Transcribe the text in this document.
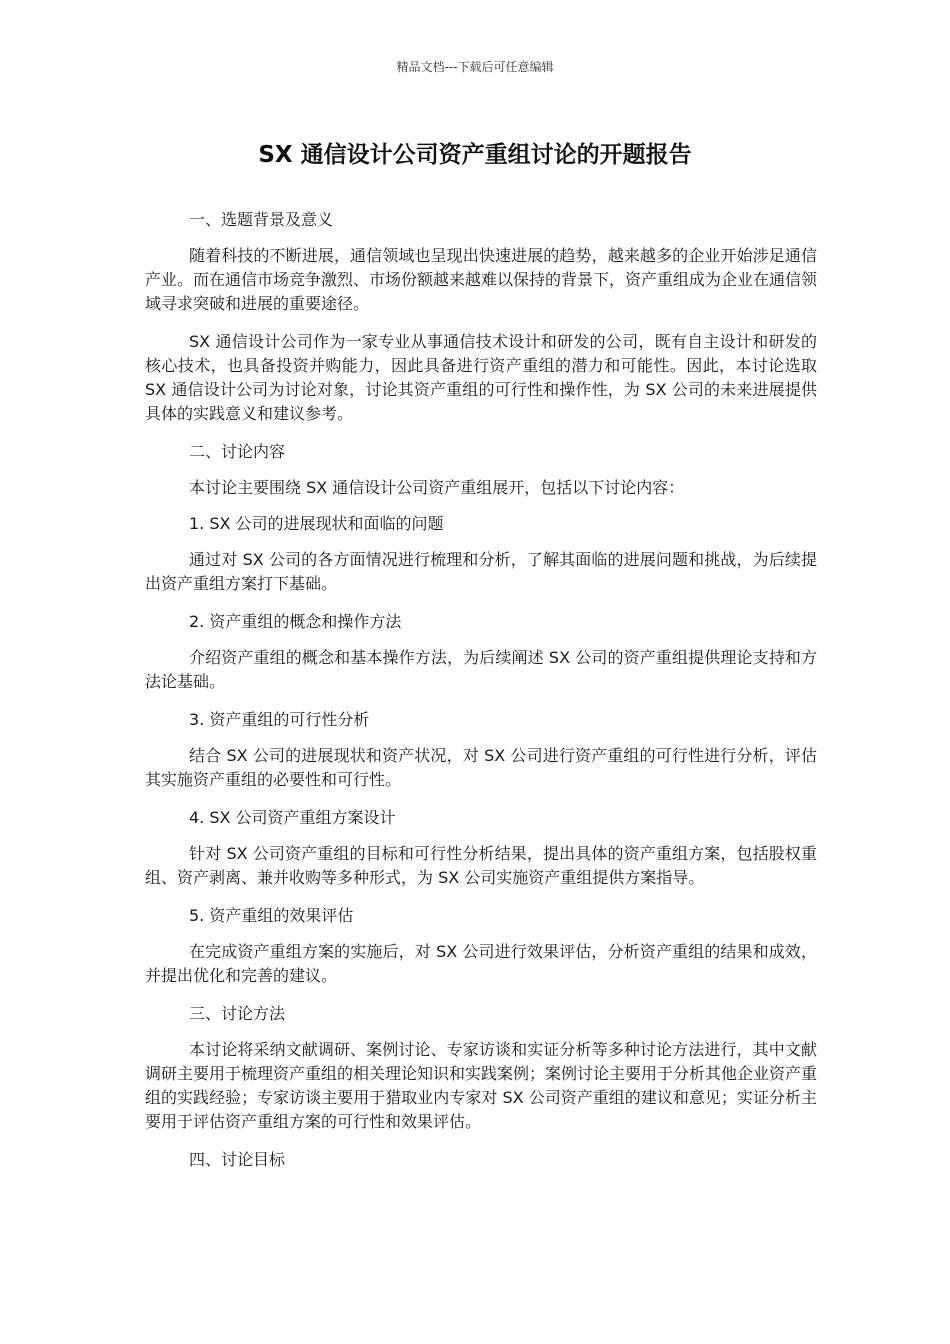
精品文档---下载后可任意编辑
SX 通信设计公司资产重组讨论的开题报告

一、选题背景及意义

随着科技的不断进展，通信领域也呈现出快速进展的趋势，越来越多的企业开始涉足通信产业。而在通信市场竞争激烈、市场份额越来越难以保持的背景下，资产重组成为企业在通信领域寻求突破和进展的重要途径。

SX 通信设计公司作为一家专业从事通信技术设计和研发的公司，既有自主设计和研发的核心技术，也具备投资并购能力，因此具备进行资产重组的潜力和可能性。因此，本讨论选取 SX 通信设计公司为讨论对象，讨论其资产重组的可行性和操作性，为 SX 公司的未来进展提供具体的实践意义和建议参考。

二、讨论内容

本讨论主要围绕 SX 通信设计公司资产重组展开，包括以下讨论内容：

1. SX 公司的进展现状和面临的问题

通过对 SX 公司的各方面情况进行梳理和分析，了解其面临的进展问题和挑战，为后续提出资产重组方案打下基础。

2. 资产重组的概念和操作方法

介绍资产重组的概念和基本操作方法，为后续阐述 SX 公司的资产重组提供理论支持和方法论基础。

3. 资产重组的可行性分析

结合 SX 公司的进展现状和资产状况，对 SX 公司进行资产重组的可行性进行分析，评估其实施资产重组的必要性和可行性。

4. SX 公司资产重组方案设计

针对 SX 公司资产重组的目标和可行性分析结果，提出具体的资产重组方案，包括股权重组、资产剥离、兼并收购等多种形式，为 SX 公司实施资产重组提供方案指导。

5. 资产重组的效果评估

在完成资产重组方案的实施后，对 SX 公司进行效果评估，分析资产重组的结果和成效，并提出优化和完善的建议。

三、讨论方法

本讨论将采纳文献调研、案例讨论、专家访谈和实证分析等多种讨论方法进行，其中文献调研主要用于梳理资产重组的相关理论知识和实践案例；案例讨论主要用于分析其他企业资产重组的实践经验；专家访谈主要用于猎取业内专家对 SX 公司资产重组的建议和意见；实证分析主要用于评估资产重组方案的可行性和效果评估。

四、讨论目标
